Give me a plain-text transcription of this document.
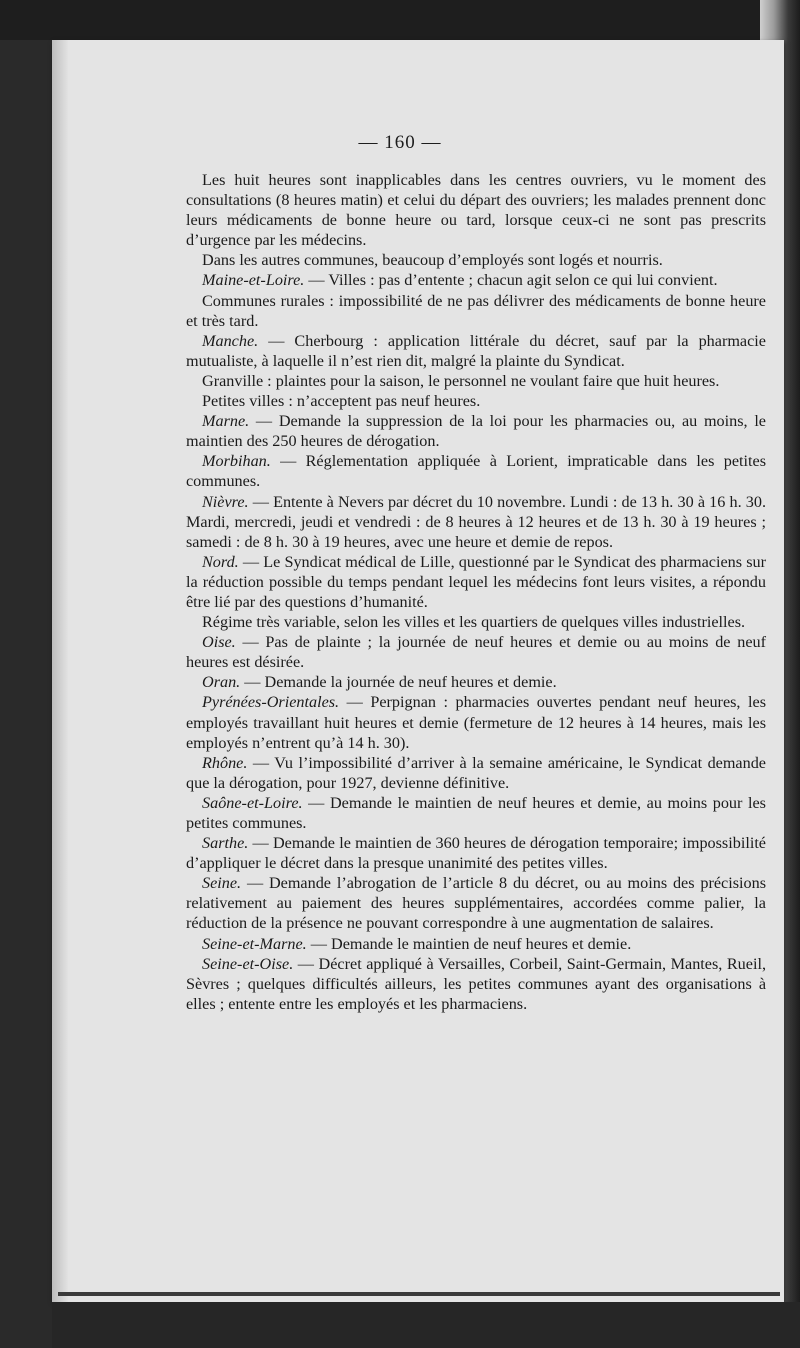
— 160 —

Les huit heures sont inapplicables dans les centres ouvriers, vu le moment des consultations (8 heures matin) et celui du départ des ouvriers; les malades prennent donc leurs médicaments de bonne heure ou tard, lorsque ceux-ci ne sont pas prescrits d’urgence par les médecins.

Dans les autres communes, beaucoup d’employés sont logés et nourris.

Maine-et-Loire. — Villes : pas d’entente ; chacun agit selon ce qui lui convient.

Communes rurales : impossibilité de ne pas délivrer des médicaments de bonne heure et très tard.

Manche. — Cherbourg : application littérale du décret, sauf par la pharmacie mutualiste, à laquelle il n’est rien dit, malgré la plainte du Syndicat.

Granville : plaintes pour la saison, le personnel ne voulant faire que huit heures.

Petites villes : n’acceptent pas neuf heures.

Marne. — Demande la suppression de la loi pour les pharmacies ou, au moins, le maintien des 250 heures de dérogation.

Morbihan. — Réglementation appliquée à Lorient, impraticable dans les petites communes.

Nièvre. — Entente à Nevers par décret du 10 novembre. Lundi : de 13 h. 30 à 16 h. 30. Mardi, mercredi, jeudi et vendredi : de 8 heures à 12 heures et de 13 h. 30 à 19 heures ; samedi : de 8 h. 30 à 19 heures, avec une heure et demie de repos.

Nord. — Le Syndicat médical de Lille, questionné par le Syndicat des pharmaciens sur la réduction possible du temps pendant lequel les médecins font leurs visites, a répondu être lié par des questions d’humanité.

Régime très variable, selon les villes et les quartiers de quelques villes industrielles.

Oise. — Pas de plainte ; la journée de neuf heures et demie ou au moins de neuf heures est désirée.

Oran. — Demande la journée de neuf heures et demie.

Pyrénées-Orientales. — Perpignan : pharmacies ouvertes pendant neuf heures, les employés travaillant huit heures et demie (fermeture de 12 heures à 14 heures, mais les employés n’entrent qu’à 14 h. 30).

Rhône. — Vu l’impossibilité d’arriver à la semaine américaine, le Syndicat demande que la dérogation, pour 1927, devienne définitive.

Saône-et-Loire. — Demande le maintien de neuf heures et demie, au moins pour les petites communes.

Sarthe. — Demande le maintien de 360 heures de dérogation temporaire; impossibilité d’appliquer le décret dans la presque unanimité des petites villes.

Seine. — Demande l’abrogation de l’article 8 du décret, ou au moins des précisions relativement au paiement des heures supplémentaires, accordées comme palier, la réduction de la présence ne pouvant correspondre à une augmentation de salaires.

Seine-et-Marne. — Demande le maintien de neuf heures et demie.

Seine-et-Oise. — Décret appliqué à Versailles, Corbeil, Saint-Germain, Mantes, Rueil, Sèvres ; quelques difficultés ailleurs, les petites communes ayant des organisations à elles ; entente entre les employés et les pharmaciens.
